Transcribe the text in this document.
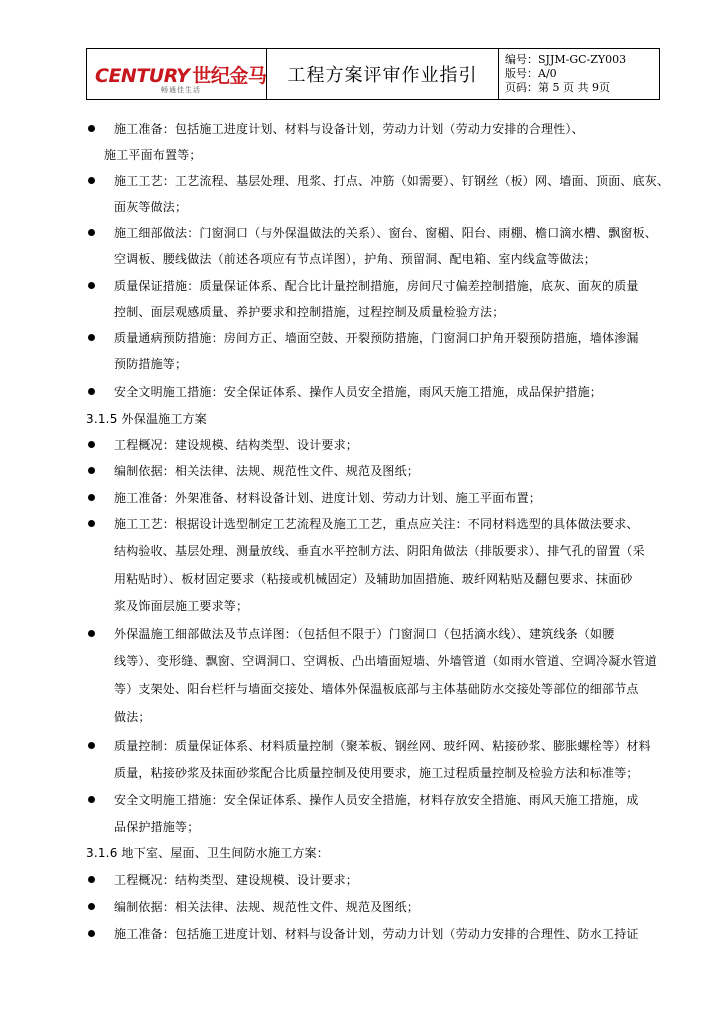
CENTURY 世纪金马
畅通佳生活
工程方案评审作业指引
编号：SJJM-GC-ZY003
版号：A/0
页码：第 5 页 共 9页
施工准备：包括施工进度计划、材料与设备计划，劳动力计划（劳动力安排的合理性）、
施工平面布置等；
施工工艺：工艺流程、基层处理、甩浆、打点、冲筋（如需要）、钉钢丝（板）网、墙面、顶面、底灰、
面灰等做法；
施工细部做法：门窗洞口（与外保温做法的关系）、窗台、窗楣、阳台、雨棚、檐口滴水槽、飘窗板、
空调板、腰线做法（前述各项应有节点详图），护角、预留洞、配电箱、室内线盒等做法；
质量保证措施：质量保证体系、配合比计量控制措施，房间尺寸偏差控制措施，底灰、面灰的质量
控制、面层观感质量、养护要求和控制措施，过程控制及质量检验方法；
质量通病预防措施：房间方正、墙面空鼓、开裂预防措施，门窗洞口护角开裂预防措施，墙体渗漏
预防措施等；
安全文明施工措施：安全保证体系、操作人员安全措施，雨风天施工措施，成品保护措施；
3.1.5 外保温施工方案
工程概况：建设规模、结构类型、设计要求；
编制依据：相关法律、法规、规范性文件、规范及图纸；
施工准备：外架准备、材料设备计划、进度计划、劳动力计划、施工平面布置；
施工工艺：根据设计选型制定工艺流程及施工工艺，重点应关注：不同材料选型的具体做法要求、
结构验收、基层处理、测量放线、垂直水平控制方法、阴阳角做法（排版要求）、排气孔的留置（采
用粘贴时）、板材固定要求（粘接或机械固定）及辅助加固措施、玻纤网粘贴及翻包要求、抹面砂
浆及饰面层施工要求等；
外保温施工细部做法及节点详图：（包括但不限于）门窗洞口（包括滴水线）、建筑线条（如腰
线等）、变形缝、飘窗、空调洞口、空调板、凸出墙面短墙、外墙管道（如雨水管道、空调冷凝水管道
等）支架处、阳台栏杆与墙面交接处、墙体外保温板底部与主体基础防水交接处等部位的细部节点
做法；
质量控制：质量保证体系、材料质量控制（聚苯板、钢丝网、玻纤网、粘接砂浆、膨胀螺栓等）材料
质量，粘接砂浆及抹面砂浆配合比质量控制及使用要求，施工过程质量控制及检验方法和标准等；
安全文明施工措施：安全保证体系、操作人员安全措施，材料存放安全措施、雨风天施工措施，成
品保护措施等；
3.1.6 地下室、屋面、卫生间防水施工方案：
工程概况：结构类型、建设规模、设计要求；
编制依据：相关法律、法规、规范性文件、规范及图纸；
施工准备：包括施工进度计划、材料与设备计划，劳动力计划（劳动力安排的合理性、防水工持证
